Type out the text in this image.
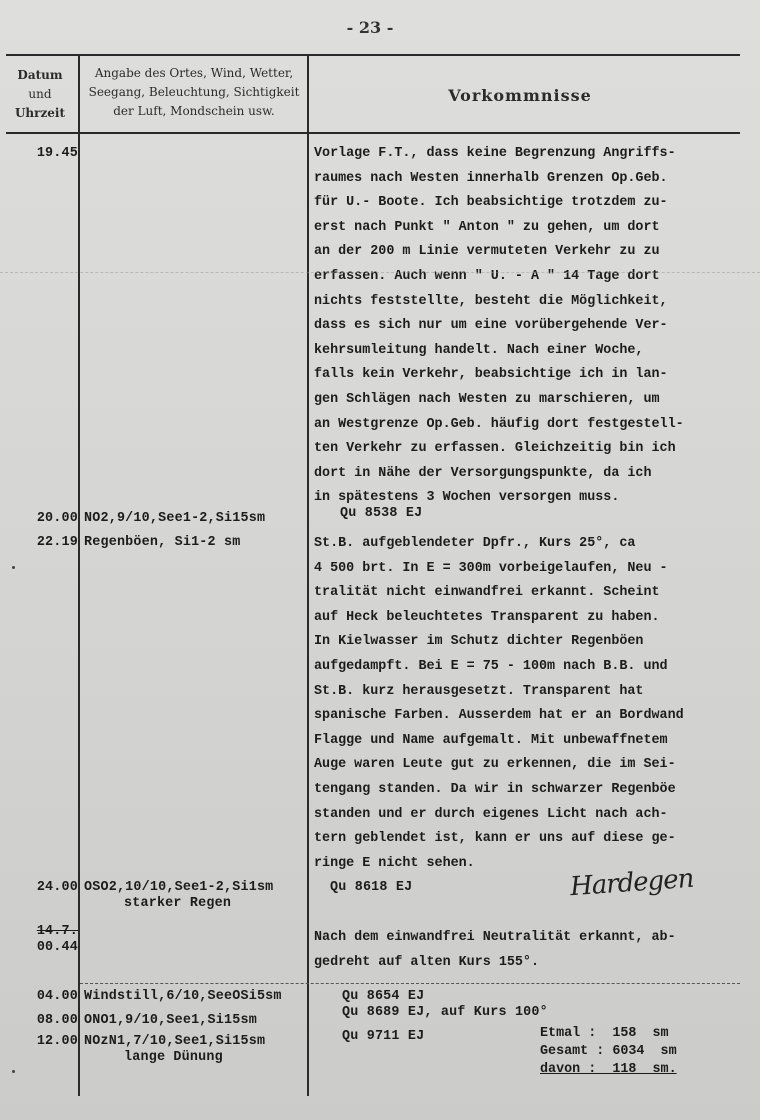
- 23 -
Datum
und
Uhrzeit
Angabe des Ortes, Wind, Wetter,
Seegang, Beleuchtung, Sichtigkeit
der Luft, Mondschein usw.
Vorkommnisse
19.45
20.00
22.19
24.00
14.7.
00.44
04.00
08.00
12.00
NO2,9/10,See1-2,Si15sm
Regenböen, Si1-2 sm
OSO2,10/10,See1-2,Si1sm
starker Regen
Windstill,6/10,SeeOSi5sm
ONO1,9/10,See1,Si15sm
NOzN1,7/10,See1,Si15sm
lange Dünung
Vorlage F.T., dass keine Begrenzung Angriffs-
raumes nach Westen innerhalb Grenzen Op.Geb.
für U.- Boote. Ich beabsichtige trotzdem zu-
erst nach Punkt " Anton " zu gehen, um dort
an der 200 m Linie vermuteten Verkehr zu zu
erfassen. Auch wenn " U. - A " 14 Tage dort
nichts feststellte, besteht die Möglichkeit,
dass es sich nur um eine vorübergehende Ver-
kehrsumleitung handelt. Nach einer Woche,
falls kein Verkehr, beabsichtige ich in lan-
gen Schlägen nach Westen zu marschieren, um
an Westgrenze Op.Geb. häufig dort festgestell-
ten Verkehr zu erfassen. Gleichzeitig bin ich
dort in Nähe der Versorgungspunkte, da ich
in spätestens 3 Wochen versorgen muss.
Qu 8538 EJ
St.B. aufgeblendeter Dpfr., Kurs 25°, ca
4 500 brt. In E = 300m vorbeigelaufen, Neu -
tralität nicht einwandfrei erkannt. Scheint
auf Heck beleuchtetes Transparent zu haben.
In Kielwasser im Schutz dichter Regenböen
aufgedampft. Bei E = 75 - 100m nach B.B. und
St.B. kurz herausgesetzt. Transparent hat
spanische Farben. Ausserdem hat er an Bordwand
Flagge und Name aufgemalt. Mit unbewaffnetem
Auge waren Leute gut zu erkennen, die im Sei-
tengang standen. Da wir in schwarzer Regenböe
standen und er durch eigenes Licht nach ach-
tern geblendet ist, kann er uns auf diese ge-
ringe E nicht sehen.
Qu 8618 EJ	Hardegen
Nach dem einwandfrei Neutralität erkannt, ab-
gedreht auf alten Kurs 155°.
Qu 8654 EJ
Qu 8689 EJ, auf Kurs 100°
Qu 9711 EJ	Etmal :  158  sm
Gesamt : 6034  sm
davon :  118  sm.
